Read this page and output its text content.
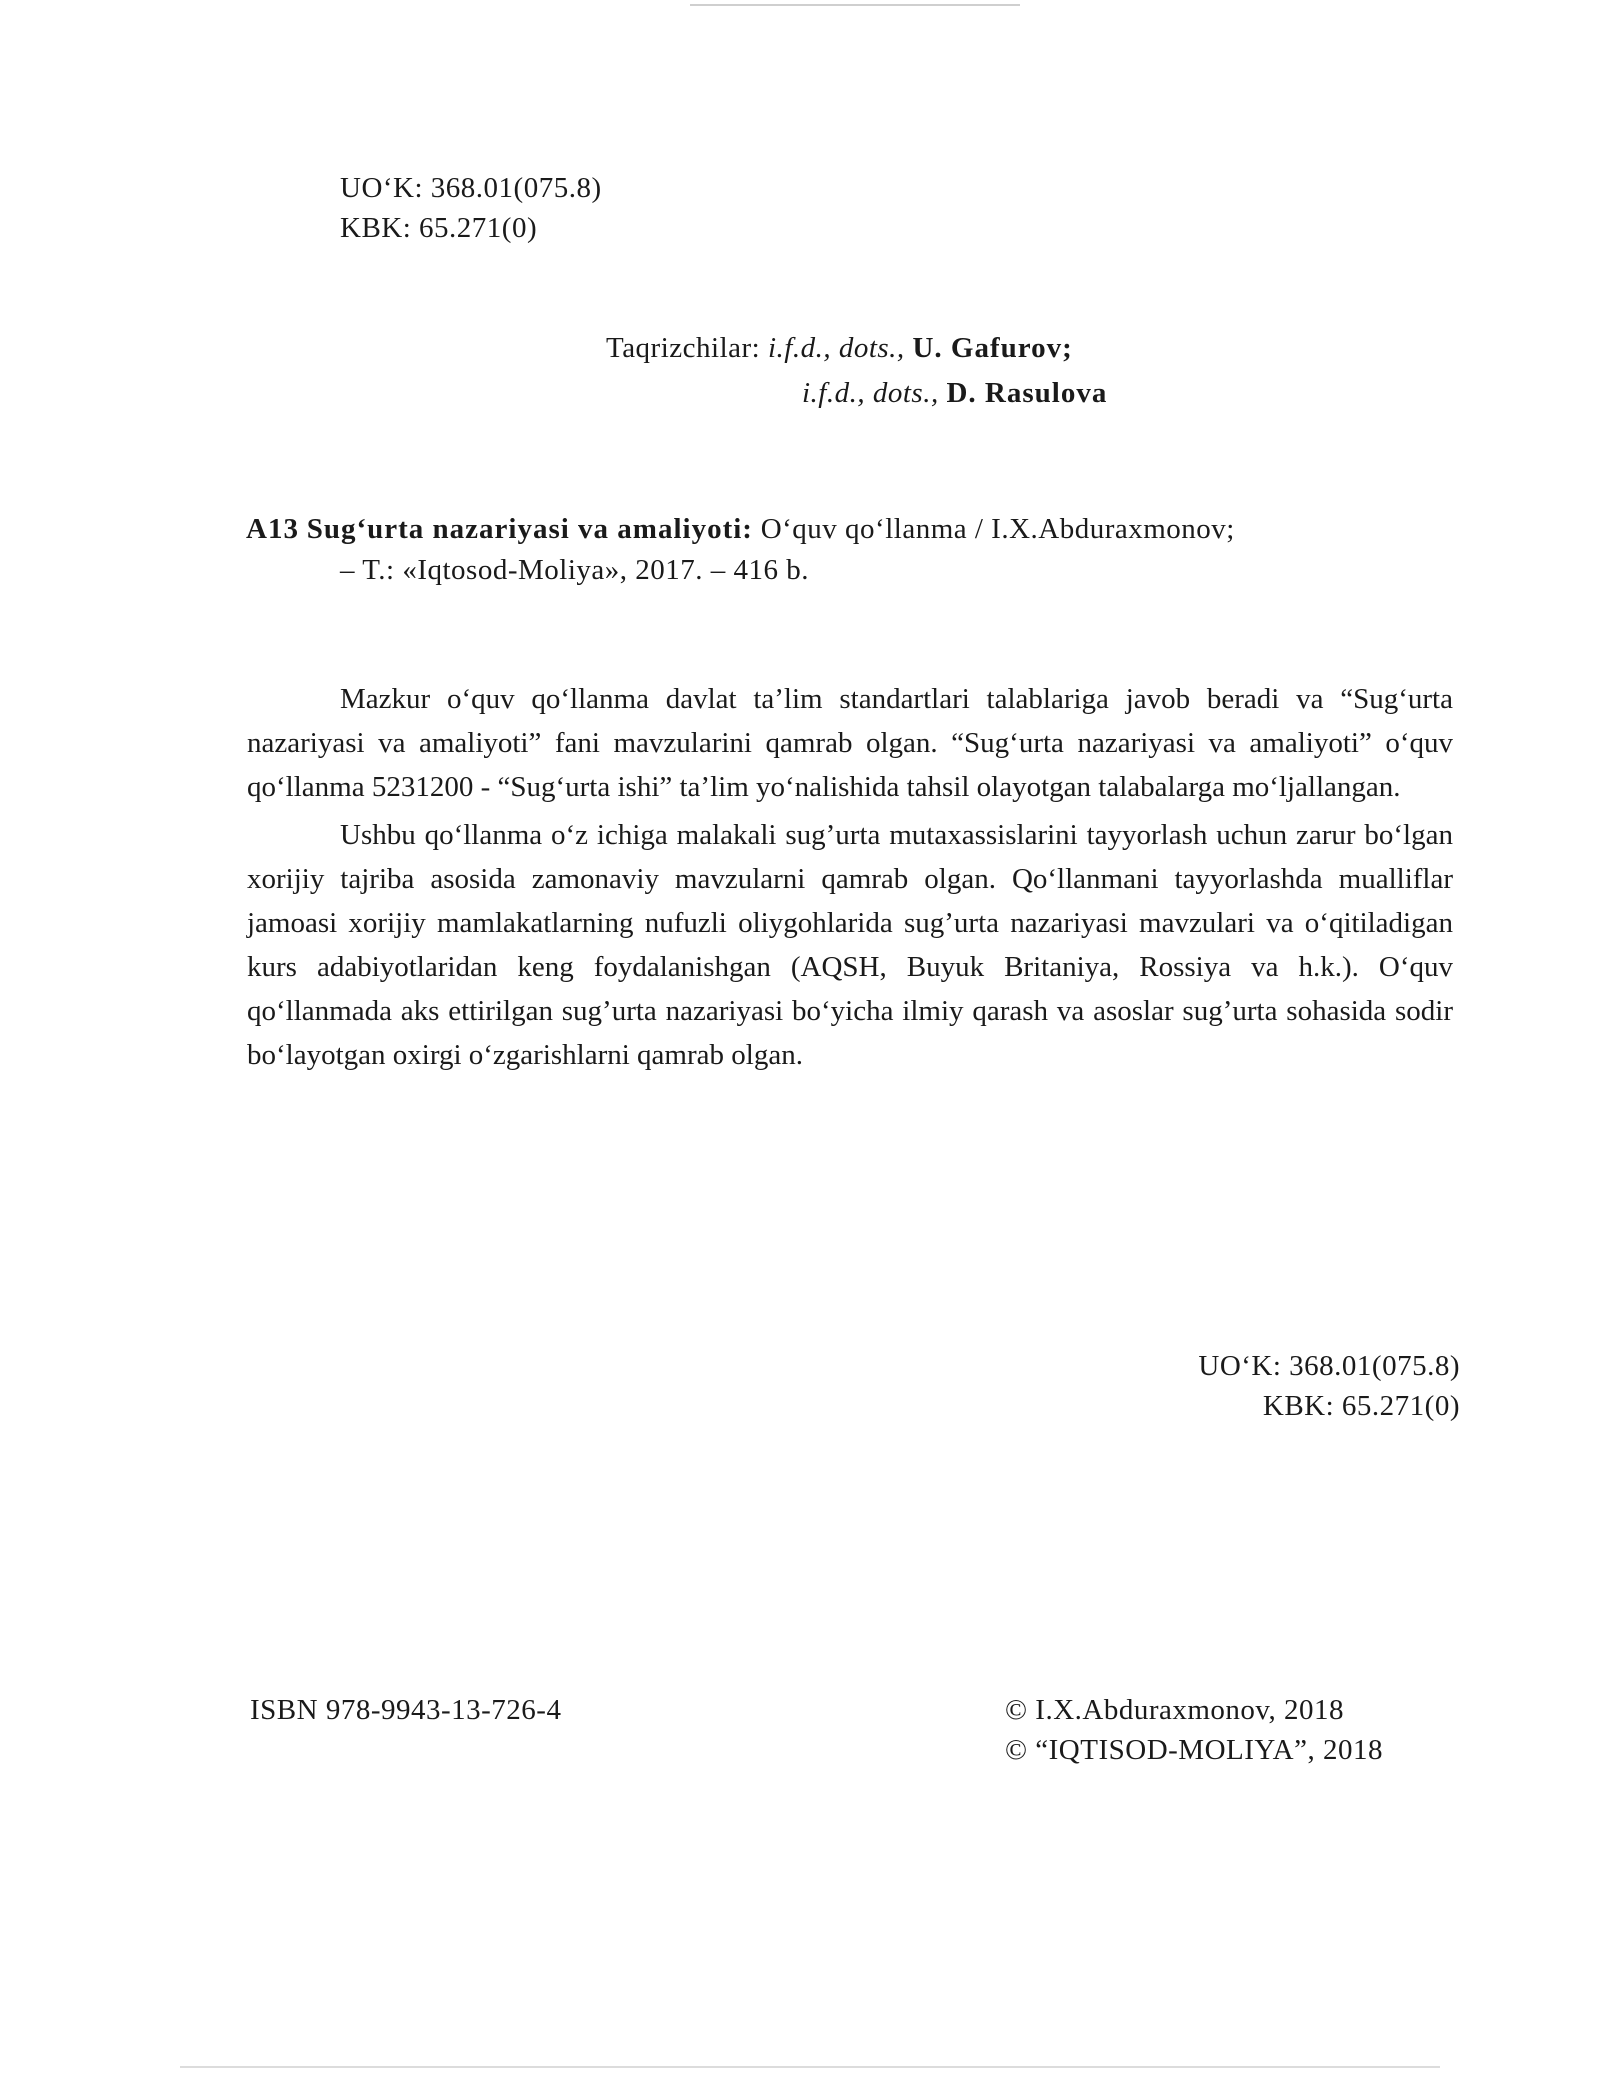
UO‘K: 368.01(075.8)
KBK: 65.271(0)
Taqrizchilar: i.f.d., dots., U. Gafurov;
i.f.d., dots., D. Rasulova
A13 Sug‘urta nazariyasi va amaliyoti: O‘quv qo‘llanma / I.X.Abduraxmonov;
– T.: «Iqtosod-Moliya», 2017. – 416 b.

Mazkur o‘quv qo‘llanma davlat ta’lim standartlari talablariga javob beradi va “Sug‘urta nazariyasi va amaliyoti” fani mavzularini qamrab olgan. “Sug‘urta nazariyasi va amaliyoti” o‘quv qo‘llanma 5231200 - “Sug‘urta ishi” ta’lim yo‘nalishida tahsil olayotgan talabalarga mo‘ljallangan.

Ushbu qo‘llanma o‘z ichiga malakali sug’urta mutaxassislarini tayyorlash uchun zarur bo‘lgan xorijiy tajriba asosida zamonaviy mavzularni qamrab olgan. Qo‘llanmani tayyorlashda mualliflar jamoasi xorijiy mamlakatlarning nufuzli oliygohlarida sug’urta nazariyasi mavzulari va o‘qitiladigan kurs adabiyotlaridan keng foydalanishgan (AQSH, Buyuk Britaniya, Rossiya va h.k.). O‘quv qo‘llanmada aks ettirilgan sug’urta nazariyasi bo‘yicha ilmiy qarash va asoslar sug’urta sohasida sodir bo‘layotgan oxirgi o‘zgarishlarni qamrab olgan.

UO‘K: 368.01(075.8)
KBK: 65.271(0)
ISBN 978-9943-13-726-4	© I.X.Abduraxmonov, 2018
© “IQTISOD-MOLIYA”, 2018
